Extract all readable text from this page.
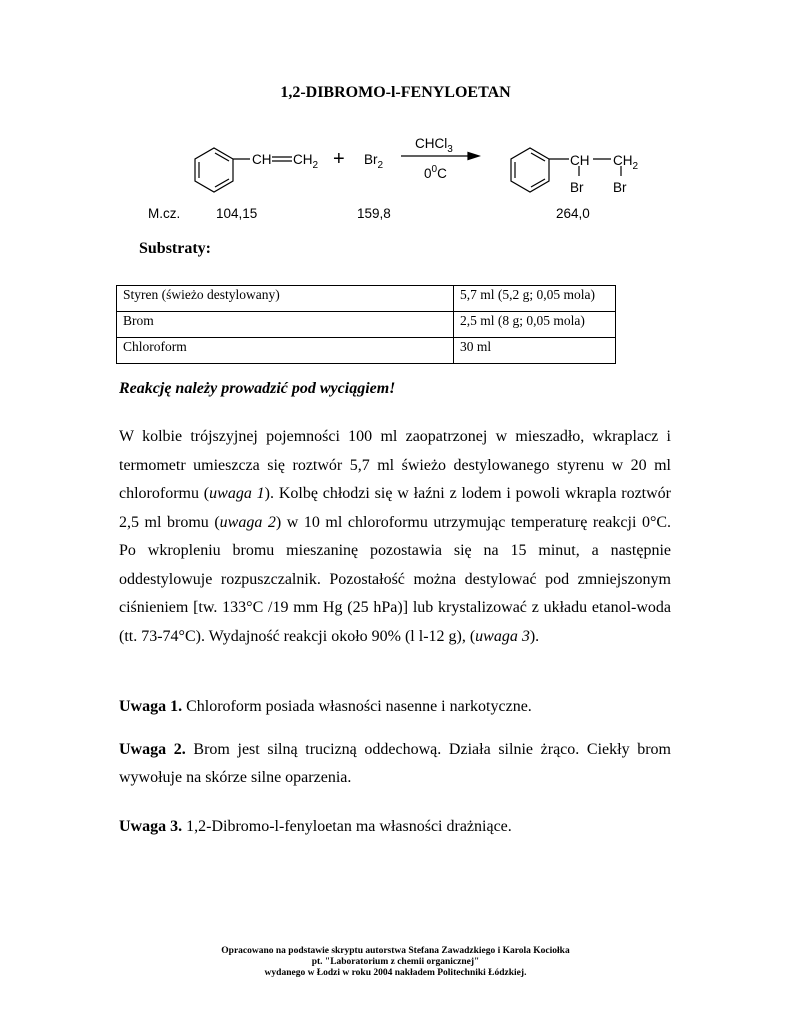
1,2-DIBROMO-l-FENYLOETAN
CH $CH_2 + Br_2$
CHCl$_3$
$0^0C$
CH $CH_2$
Br Br
M.cz.	104,15	159,8	264,0
Substraty:
Styren (świeżo destylowany)	5,7 ml (5,2 g; 0,05 mola)
Brom	2,5 ml (8 g; 0,05 mola)
Chloroform	30 ml
Reakcję należy prowadzić pod wyciągiem!
W kolbie trójszyjnej pojemności 100 ml zaopatrzonej w mieszadło, wkraplacz i termometr umieszcza się roztwór 5,7 ml świeżo destylowanego styrenu w 20 ml chloroformu (uwaga 1). Kolbę chłodzi się w łaźni z lodem i powoli wkrapla roztwór 2,5 ml bromu (uwaga 2) w 10 ml chloroformu utrzymując temperaturę reakcji 0°C. Po wkropleniu bromu mieszaninę pozostawia się na 15 minut, a następnie oddestylowuje rozpuszczalnik. Pozostałość można destylować pod zmniejszonym ciśnieniem [tw. 133°C /19 mm Hg (25 hPa)] lub krystalizować z układu etanol-woda (tt. 73-74°C). Wydajność reakcji około 90% (l l-12 g), (uwaga 3).
Uwaga 1. Chloroform posiada własności nasenne i narkotyczne.
Uwaga 2. Brom jest silną trucizną oddechową. Działa silnie żrąco. Ciekły brom wywołuje na skórze silne oparzenia.
Uwaga 3. 1,2-Dibromo-l-fenyloetan ma własności drażniące.
Opracowano na podstawie skryptu autorstwa Stefana Zawadzkiego i Karola Kociołka
pt. "Laboratorium z chemii organicznej"
wydanego w Łodzi w roku 2004 nakładem Politechniki Łódzkiej.
